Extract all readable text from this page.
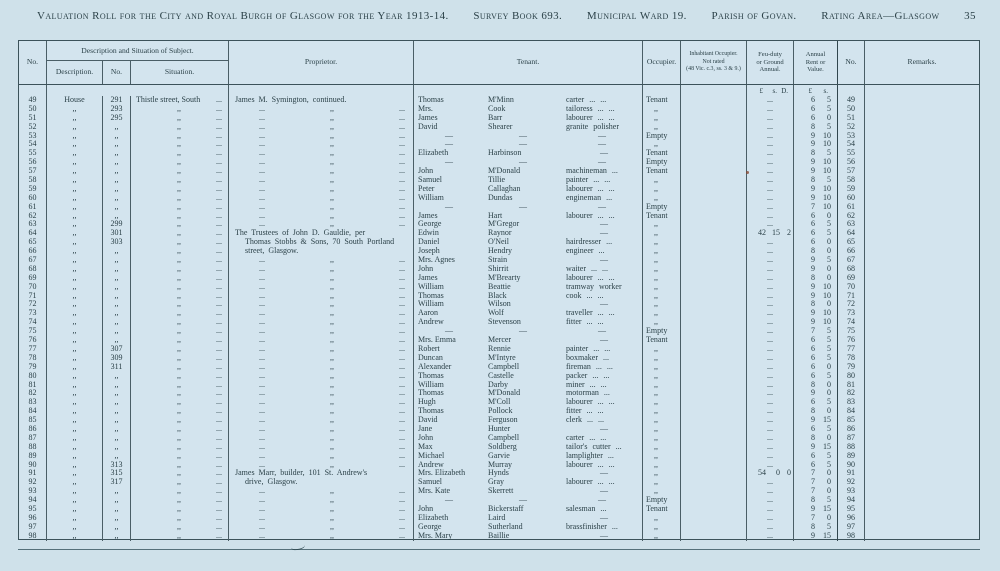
Valuation Roll for the City and Royal Burgh of Glasgow for the Year 1913-14. Survey Book 693. Municipal Ward 19. Parish of Govan. Rating Area—Glasgow 35
No.
Description and Situation of Subject.
Description.	No.	Situation.
Proprietor.	Tenant.	Occupier.
Inhabitant Occupier.
Not rated
(48 Vic. c.3, ss. 3 & 9.)
Feu-duty
or Ground
Annual.
Annual
Rent or
Value.
No.	Remarks.
£	s. D.	£	s.
49	House	291	Thistle street, South	...	James M. Symington, continued.	Thomas	M'Minn	carter ... ...	Tenant	...	6	5	49
50	,,	293	,,	...	...	,,	...	Mrs.	Cook	tailoress ... ...	,,	...	6	5	50
51	,,	295	,,	...	...	,,	...	James	Barr	labourer ... ...	,,	...	6	0	51
52	,,	,,	,,	...	...	,,	...	David	Shearer	granite polisher	,,	...	8	5	52
53	,,	,,	,,	...	...	,,	...	—	—	—	Empty	...	9	10	53
54	,,	,,	,,	...	...	,,	...	—	—	—	,,	...	9	10	54
55	,,	,,	,,	...	...	,,	...	Elizabeth	Harbinson	—	Tenant	...	8	5	55
56	,,	,,	,,	...	...	,,	...	—	—	—	Empty	...	9	10	56
57	,,	,,	,,	...	...	,,	...	John	M'Donald	machineman ...	Tenant	...	9	10	57
58	,,	,,	,,	...	...	,,	...	Samuel	Tillie	painter ... ...	,,	...	8	5	58
59	,,	,,	,,	...	...	,,	...	Peter	Callaghan	labourer ... ...	,,	...	9	10	59
60	,,	,,	,,	...	...	,,	...	William	Dundas	engineman ...	,,	...	9	10	60
61	,,	,,	,,	...	...	,,	...	—	—	—	Empty	...	7	10	61
62	,,	,,	,,	...	...	,,	...	James	Hart	labourer ... ...	Tenant	...	6	0	62
63	,,	299	,,	...	...	,,	...	George	M'Gregor	—	,,	...	6	5	63
64	,,	301	,,	...	The Trustees of John D. Gauldie, per	Edwin	Raynor	—	,,	42 15 2	6	5	64
65	,,	303	,,	...	Thomas Stobbs & Sons, 70 South Portland	Daniel	O'Neil	hairdresser ...	,,	...	6	0	65
66	,,	,,	,,	...	street, Glasgow.	Joseph	Hendry	engineer ...	,,	...	8	0	66
67	,,	,,	,,	...	...	,,	...	Mrs. Agnes	Strain	—	,,	...	9	5	67
68	,,	,,	,,	...	...	,,	...	John	Shirrit	waiter ... ...	,,	...	9	0	68
69	,,	,,	,,	...	...	,,	...	James	M'Brearty	labourer ... ...	,,	...	8	0	69
70	,,	,,	,,	...	...	,,	...	William	Beattie	tramway worker	,,	...	9	10	70
71	,,	,,	,,	...	...	,,	...	Thomas	Black	cook ... ...	,,	...	9	10	71
72	,,	,,	,,	...	...	,,	...	William	Wilson	—	,,	...	8	0	72
73	,,	,,	,,	...	...	,,	...	Aaron	Wolf	traveller ... ...	,,	...	9	10	73
74	,,	,,	,,	...	...	,,	...	Andrew	Stevenson	fitter ... ...	,,	...	9	10	74
75	,,	,,	,,	...	...	,,	...	—	—	—	Empty	...	7	5	75
76	,,	,,	,,	...	...	,,	...	Mrs. Emma	Mercer	—	Tenant	...	6	5	76
77	,,	307	,,	...	...	,,	...	Robert	Rennie	painter ... ...	,,	...	6	5	77
78	,,	309	,,	...	...	,,	...	Duncan	M'Intyre	boxmaker ...	,,	...	6	5	78
79	,,	311	,,	...	...	,,	...	Alexander	Campbell	fireman ... ...	,,	...	6	0	79
80	,,	,,	,,	...	...	,,	...	Thomas	Castelle	packer ... ...	,,	...	6	5	80
81	,,	,,	,,	...	...	,,	...	William	Darby	miner ... ...	,,	...	8	0	81
82	,,	,,	,,	...	...	,,	...	Thomas	M'Donald	motorman ...	,,	...	9	0	82
83	,,	,,	,,	...	...	,,	...	Hugh	M'Coll	labourer ... ...	,,	...	6	5	83
84	,,	,,	,,	...	...	,,	...	Thomas	Pollock	fitter ... ...	,,	...	8	0	84
85	,,	,,	,,	...	...	,,	...	David	Ferguson	clerk ... ...	,,	...	9	15	85
86	,,	,,	,,	...	...	,,	...	Jane	Hunter	—	,,	...	6	5	86
87	,,	,,	,,	...	...	,,	...	John	Campbell	carter ... ...	,,	...	8	0	87
88	,,	,,	,,	...	...	,,	...	Max	Soldberg	tailor's cutter ...	,,	...	9	15	88
89	,,	,,	,,	...	...	,,	...	Michael	Garvie	lamplighter ...	,,	...	6	5	89
90	,,	313	,,	...	...	,,	...	Andrew	Murray	labourer ... ...	,,	...	6	5	90
91	,,	315	,,	...	James Marr, builder, 101 St. Andrew's	Mrs. Elizabeth	Hynds	—	,,	54	0 0	7	0	91
92	,,	317	,,	...	drive, Glasgow.	Samuel	Gray	labourer ... ...	,,	...	7	0	92
93	,,	,,	,,	...	...	,,	...	Mrs. Kate	Skerrett	—	,,	...	7	0	93
94	,,	,,	,,	...	...	,,	...	—	—	—	Empty	...	8	5	94
95	,,	,,	,,	...	...	,,	...	John	Bickerstaff	salesman ...	Tenant	...	9	15	95
96	,,	,,	,,	...	...	,,	...	Elizabeth	Laird	—	,,	...	7	0	96
97	,,	,,	,,	...	...	,,	...	George	Sutherland	brassfinisher ...	,,	...	8	5	97
98	,,	,,	,,	...	...	,,	...	Mrs. Mary	Baillie	—	,,	...	9	15	98
